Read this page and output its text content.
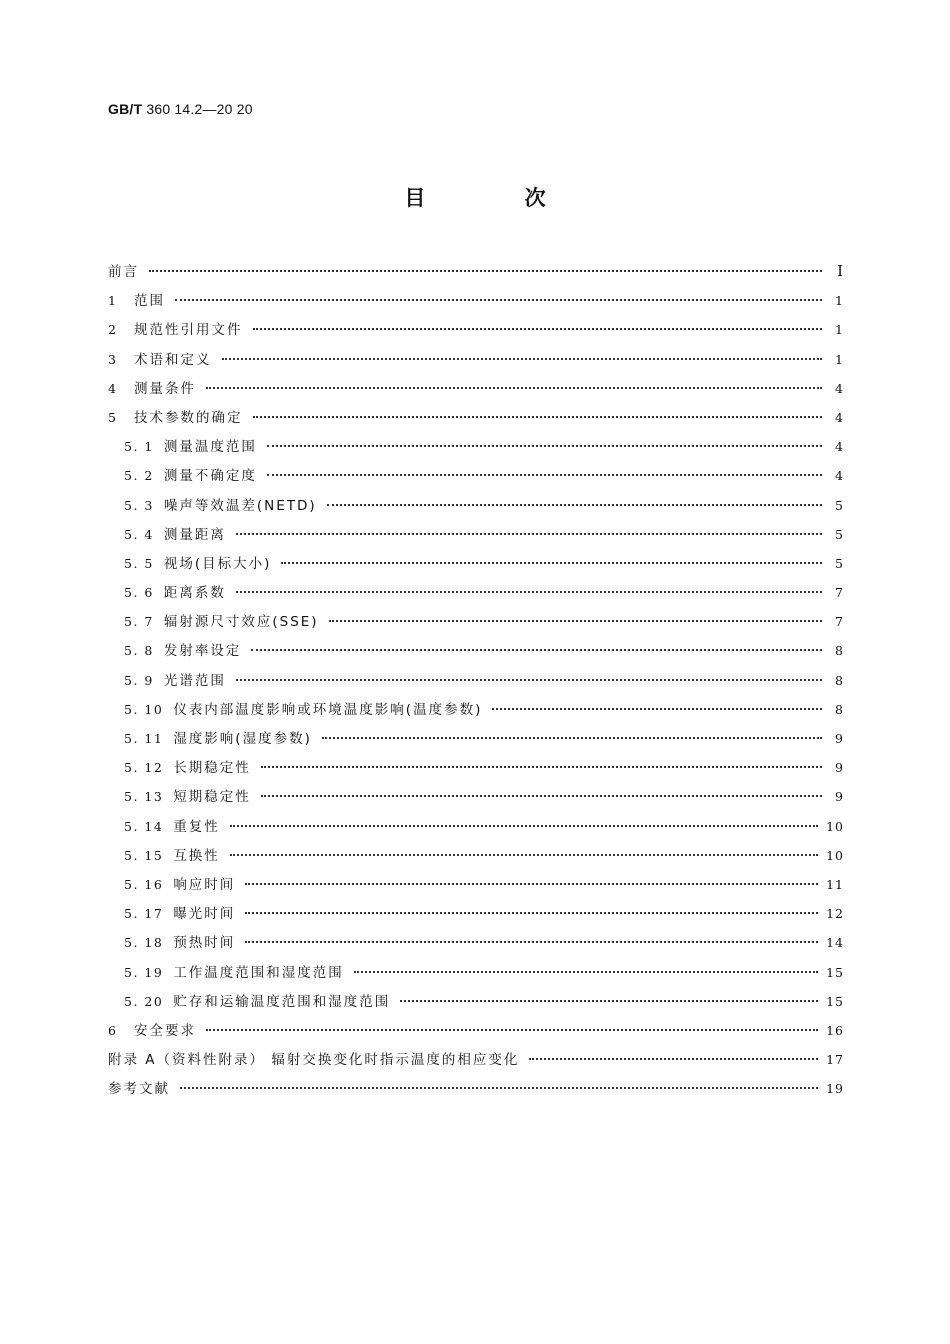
GB/T 360 14.2—20 20
目 次
前言	I
1	范围	1
2	规范性引用文件	1
3	术语和定义	1
4	测量条件	4
5	技术参数的确定	4
5. 1 测量温度范围	4
5. 2 测量不确定度	4
5. 3 噪声等效温差(NETD)	5
5. 4 测量距离	5
5. 5 视场(目标大小)	5
5. 6 距离系数	7
5. 7 辐射源尺寸效应(SSE)	7
5. 8 发射率设定	8
5. 9 光谱范围	8
5. 10 仪表内部温度影响或环境温度影响(温度参数)	8
5. 11 湿度影响(湿度参数)	9
5. 12 长期稳定性	9
5. 13 短期稳定性	9
5. 14 重复性	10
5. 15 互换性	10
5. 16 响应时间	11
5. 17 曝光时间	12
5. 18 预热时间	14
5. 19 工作温度范围和湿度范围	15
5. 20 贮存和运输温度范围和湿度范围	15
6	安全要求	16
附录 A（资料性附录） 辐射交换变化时指示温度的相应变化	17
参考文献	19
